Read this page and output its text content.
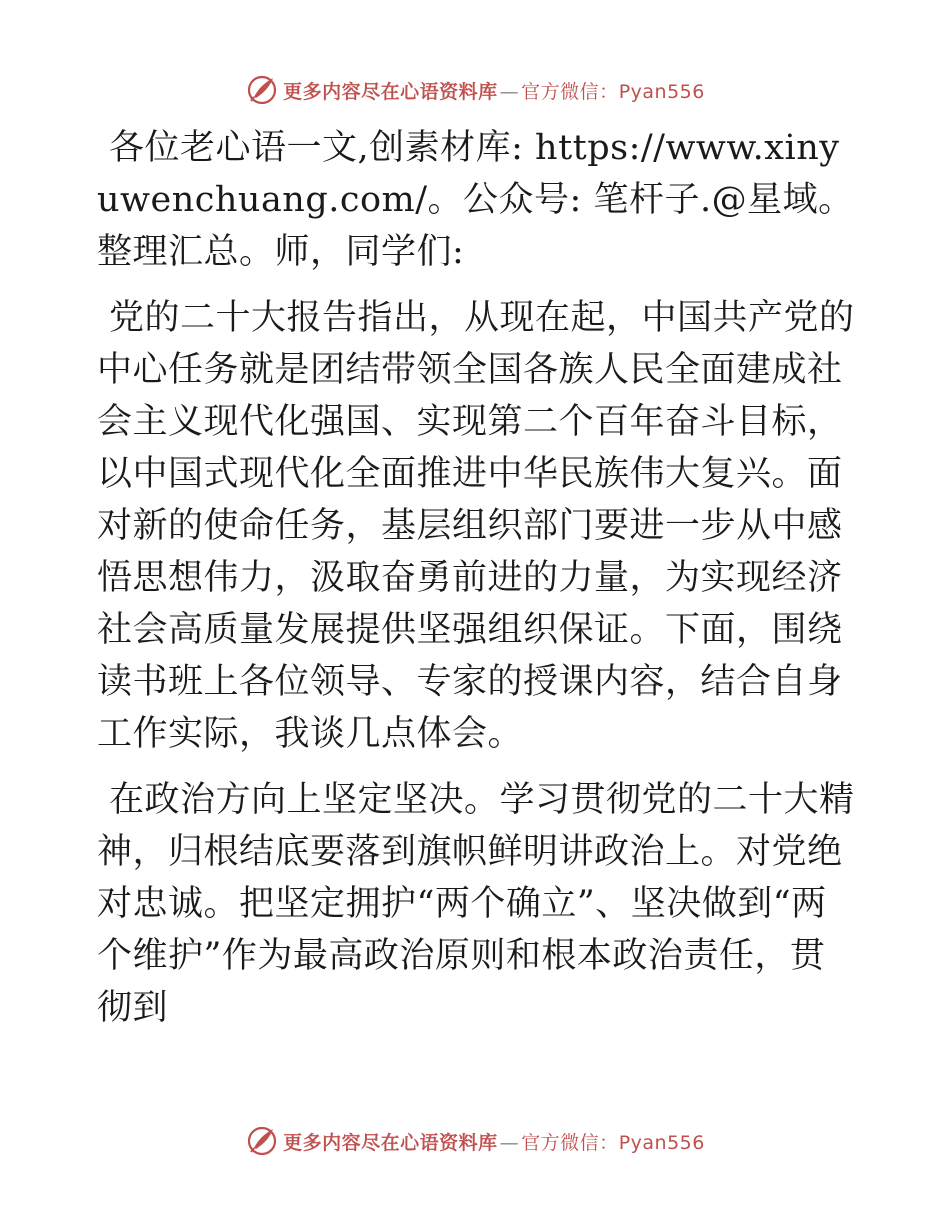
更多内容尽在心语资料库 — 官方微信：Pyan556

各位老心语一文,创素材库: https://www.xinyuwenchuang.com/。公众号: 笔杆子.@星域。整理汇总。师，同学们:

党的二十大报告指出，从现在起，中国共产党的中心任务就是团结带领全国各族人民全面建成社会主义现代化强国、实现第二个百年奋斗目标，以中国式现代化全面推进中华民族伟大复兴。面对新的使命任务，基层组织部门要进一步从中感悟思想伟力，汲取奋勇前进的力量，为实现经济社会高质量发展提供坚强组织保证。下面，围绕读书班上各位领导、专家的授课内容，结合自身工作实际，我谈几点体会。

在政治方向上坚定坚决。学习贯彻党的二十大精神，归根结底要落到旗帜鲜明讲政治上。对党绝对忠诚。把坚定拥护“两个确立”、坚决做到“两个维护”作为最高政治原则和根本政治责任，贯彻到

更多内容尽在心语资料库 — 官方微信：Pyan556
